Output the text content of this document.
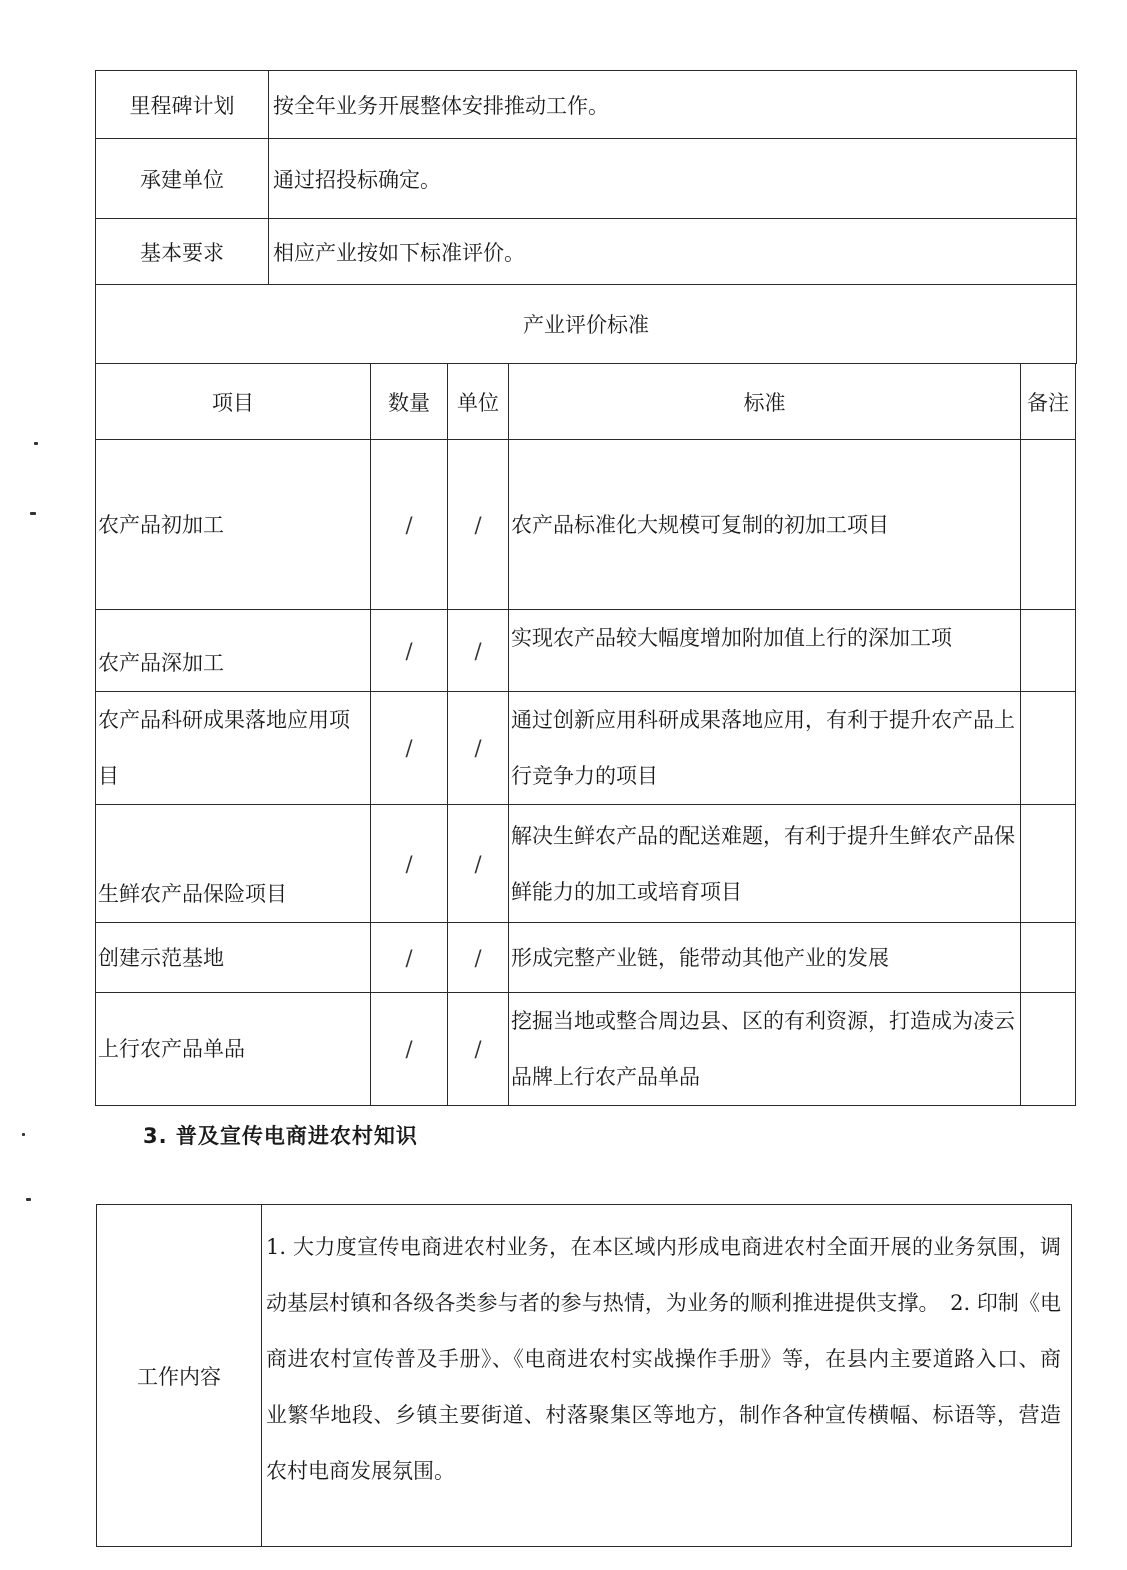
里程碑计划	按全年业务开展整体安排推动工作。
承建单位	通过招投标确定。
基本要求	相应产业按如下标准评价。
产业评价标准	
项目	数量	单位	标准	备注
农产品初加工	/	/	农产品标准化大规模可复制的初加工项目	
农产品深加工	/	/	实现农产品较大幅度增加附加值上行的深加工项	
农产品科研成果落地应用项目	/	/	通过创新应用科研成果落地应用，有利于提升农产品上行竞争力的项目	
生鲜农产品保险项目	/	/	解决生鲜农产品的配送难题，有利于提升生鲜农产品保鲜能力的加工或培育项目	
创建示范基地	/	/	形成完整产业链，能带动其他产业的发展	
上行农产品单品	/	/	挖掘当地或整合周边县、区的有利资源，打造成为凌云品牌上行农产品单品	
3. 普及宣传电商进农村知识
工作内容	1. 大力度宣传电商进农村业务，在本区域内形成电商进农村全面开展的业务氛围，调动基层村镇和各级各类参与者的参与热情，为业务的顺利推进提供支撑。　2. 印制《电商进农村宣传普及手册》、《电商进农村实战操作手册》等，在县内主要道路入口、商业繁华地段、乡镇主要街道、村落聚集区等地方，制作各种宣传横幅、标语等，营造农村电商发展氛围。
